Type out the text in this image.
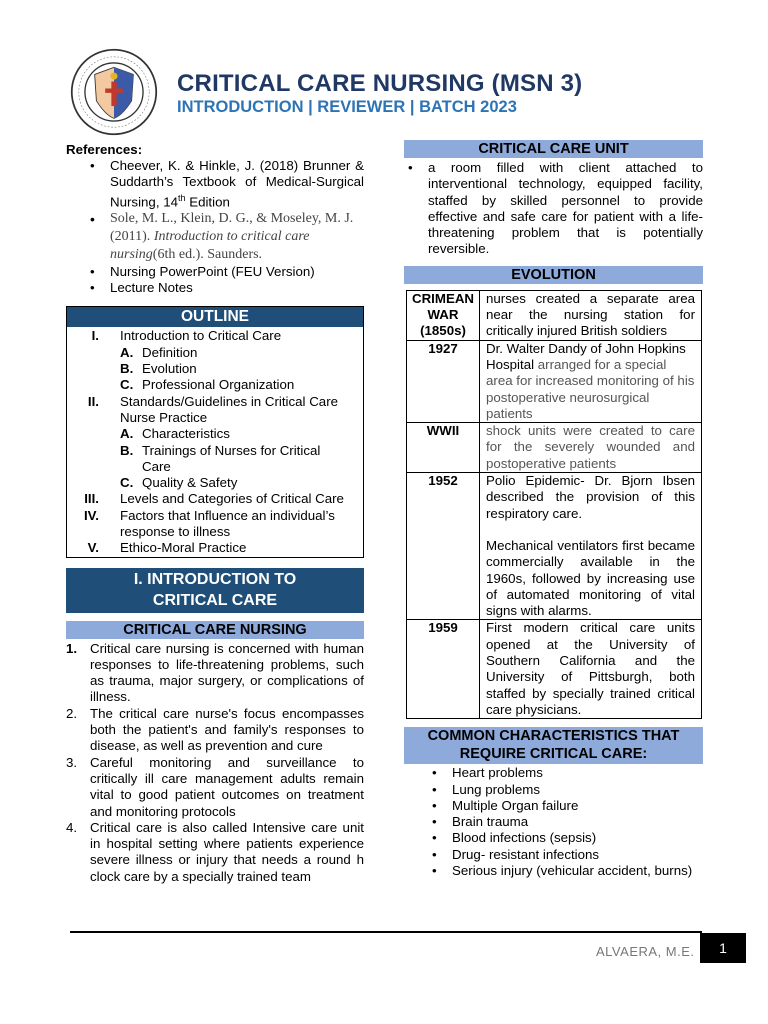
CRITICAL CARE NURSING (MSN 3)
INTRODUCTION | REVIEWER | BATCH 2023
References:
• Cheever, K. & Hinkle, J. (2018) Brunner & Suddarth’s Textbook of Medical-Surgical Nursing, 14th Edition
• Sole, M. L., Klein, D. G., & Moseley, M. J. (2011). Introduction to critical care nursing(6th ed.). Saunders.
• Nursing PowerPoint (FEU Version)
• Lecture Notes
OUTLINE
I.	Introduction to Critical Care
A. Definition
B. Evolution
C. Professional Organization
II.	Standards/Guidelines in Critical Care Nurse Practice
A. Characteristics
B. Trainings of Nurses for Critical Care
C. Quality & Safety
III.	Levels and Categories of Critical Care
IV.	Factors that Influence an individual’s response to illness
V.	Ethico-Moral Practice
I. INTRODUCTION TO
CRITICAL CARE
CRITICAL CARE NURSING
1. Critical care nursing is concerned with human responses to life-threatening problems, such as trauma, major surgery, or complications of illness.
2. The critical care nurse's focus encompasses both the patient's and family's responses to disease, as well as prevention and cure
3. Careful monitoring and surveillance to critically ill care management adults remain vital to good patient outcomes on treatment and monitoring protocols
4. Critical care is also called Intensive care unit in hospital setting where patients experience severe illness or injury that needs a round h clock care by a specially trained team
CRITICAL CARE UNIT
• a room filled with client attached to interventional technology, equipped facility, staffed by skilled personnel to provide effective and safe care for patient with a life-threatening problem that is potentially reversible.
EVOLUTION
CRIMEAN WAR (1850s)	nurses created a separate area near the nursing station for critically injured British soldiers
1927	Dr. Walter Dandy of John Hopkins Hospital arranged for a special area for increased monitoring of his postoperative neurosurgical patients
WWII	shock units were created to care for the severely wounded and postoperative patients
1952	Polio Epidemic- Dr. Bjorn Ibsen described the provision of this respiratory care.
Mechanical ventilators first became commercially available in the 1960s, followed by increasing use of automated monitoring of vital signs with alarms.

1959	First modern critical care units opened at the University of Southern California and the University of Pittsburgh, both staffed by specially trained critical care physicians.
COMMON CHARACTERISTICS THAT
REQUIRE CRITICAL CARE:
• Heart problems
• Lung problems
• Multiple Organ failure
• Brain trauma
• Blood infections (sepsis)
• Drug- resistant infections
• Serious injury (vehicular accident, burns)
ALVAERA, M.E.	1
